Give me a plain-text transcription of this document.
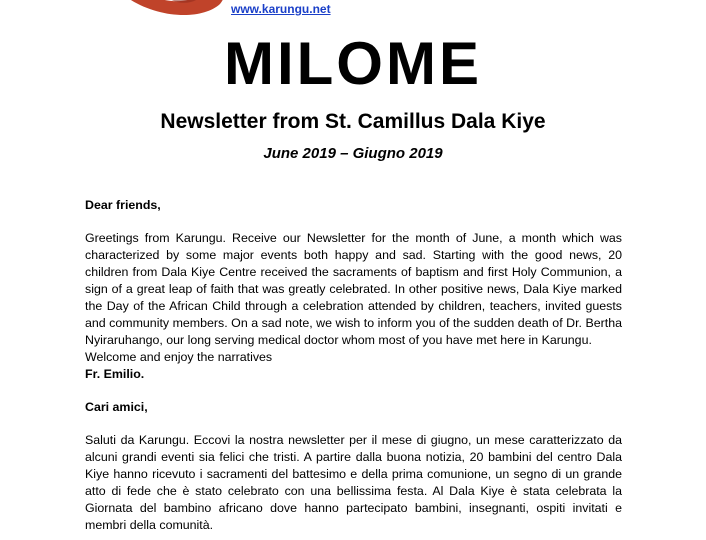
www.karungu.net
MILOME
Newsletter from St. Camillus Dala Kiye
June 2019 – Giugno 2019

Dear friends,

Greetings from Karungu. Receive our Newsletter for the month of June, a month which was characterized by some major events both happy and sad. Starting with the good news, 20 children from Dala Kiye Centre received the sacraments of baptism and first Holy Communion, a sign of a great leap of faith that was greatly celebrated. In other positive news, Dala Kiye marked the Day of the African Child through a celebration attended by children, teachers, invited guests and community members. On a sad note, we wish to inform you of the sudden death of Dr. Bertha Nyiraruhango, our long serving medical doctor whom most of you have met here in Karungu.

Welcome and enjoy the narratives

Fr. Emilio.

Cari amici,

Saluti da Karungu. Eccovi la nostra newsletter per il mese di giugno, un mese caratterizzato da alcuni grandi eventi sia felici che tristi. A partire dalla buona notizia, 20 bambini del centro Dala Kiye hanno ricevuto i sacramenti del battesimo e della prima comunione, un segno di un grande atto di fede che è stato celebrato con una bellissima festa. Al Dala Kiye è stata celebrata la Giornata del bambino africano dove hanno partecipato bambini, insegnanti, ospiti invitati e membri della comunità.
